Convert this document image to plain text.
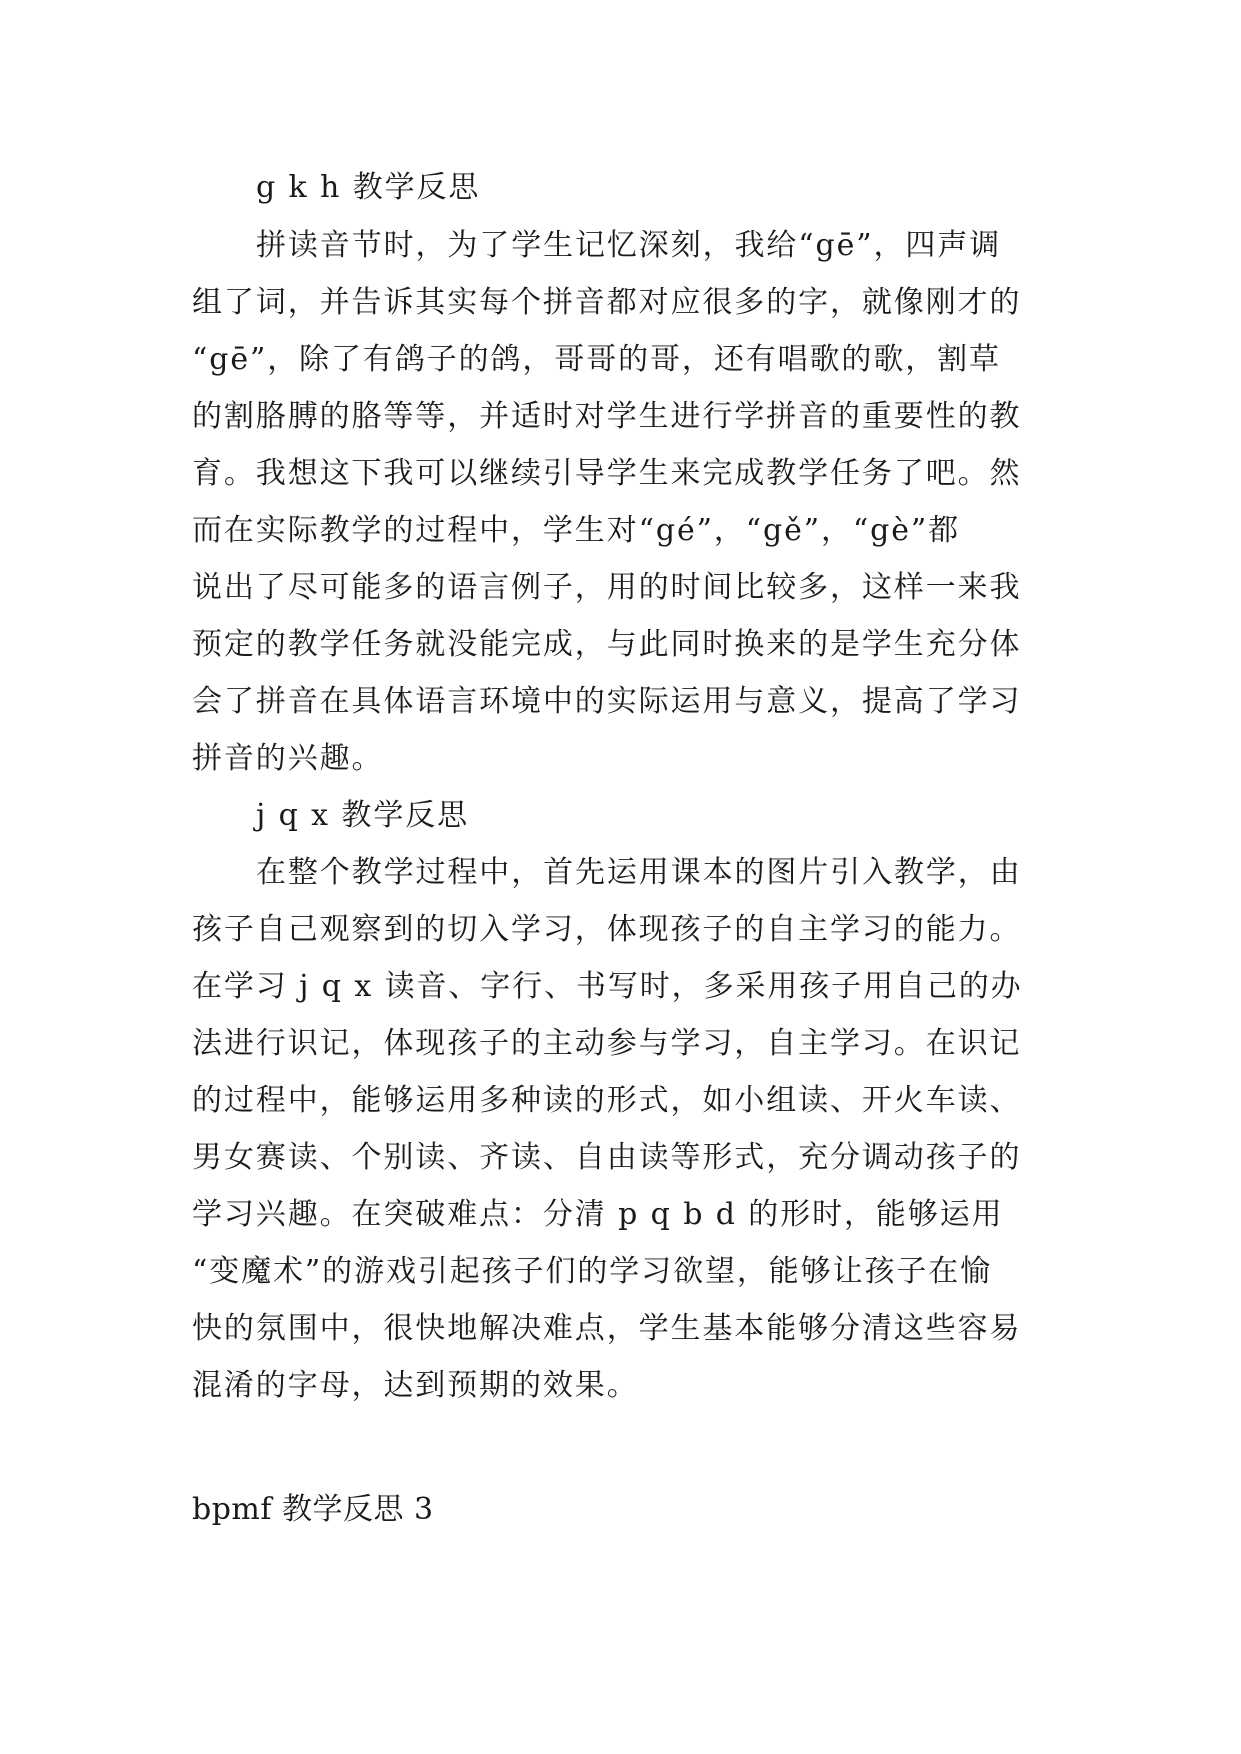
g k h 教学反思
拼读音节时，为了学生记忆深刻，我给“gē”，四声调
组了词，并告诉其实每个拼音都对应很多的字，就像刚才的
“gē”，除了有鸽子的鸽，哥哥的哥，还有唱歌的歌，割草
的割胳膊的胳等等，并适时对学生进行学拼音的重要性的教
育。我想这下我可以继续引导学生来完成教学任务了吧。然
而在实际教学的过程中，学生对“gé”，“gě”，“gè”都
说出了尽可能多的语言例子，用的时间比较多，这样一来我
预定的教学任务就没能完成，与此同时换来的是学生充分体
会了拼音在具体语言环境中的实际运用与意义，提高了学习
拼音的兴趣。
j q x 教学反思
在整个教学过程中，首先运用课本的图片引入教学，由
孩子自己观察到的切入学习，体现孩子的自主学习的能力。
在学习 j q x 读音、字行、书写时，多采用孩子用自己的办
法进行识记，体现孩子的主动参与学习，自主学习。在识记
的过程中，能够运用多种读的形式，如小组读、开火车读、
男女赛读、个别读、齐读、自由读等形式，充分调动孩子的
学习兴趣。在突破难点：分清 p q b d 的形时，能够运用
“变魔术”的游戏引起孩子们的学习欲望，能够让孩子在愉
快的氛围中，很快地解决难点，学生基本能够分清这些容易
混淆的字母，达到预期的效果。
bpmf 教学反思 3
